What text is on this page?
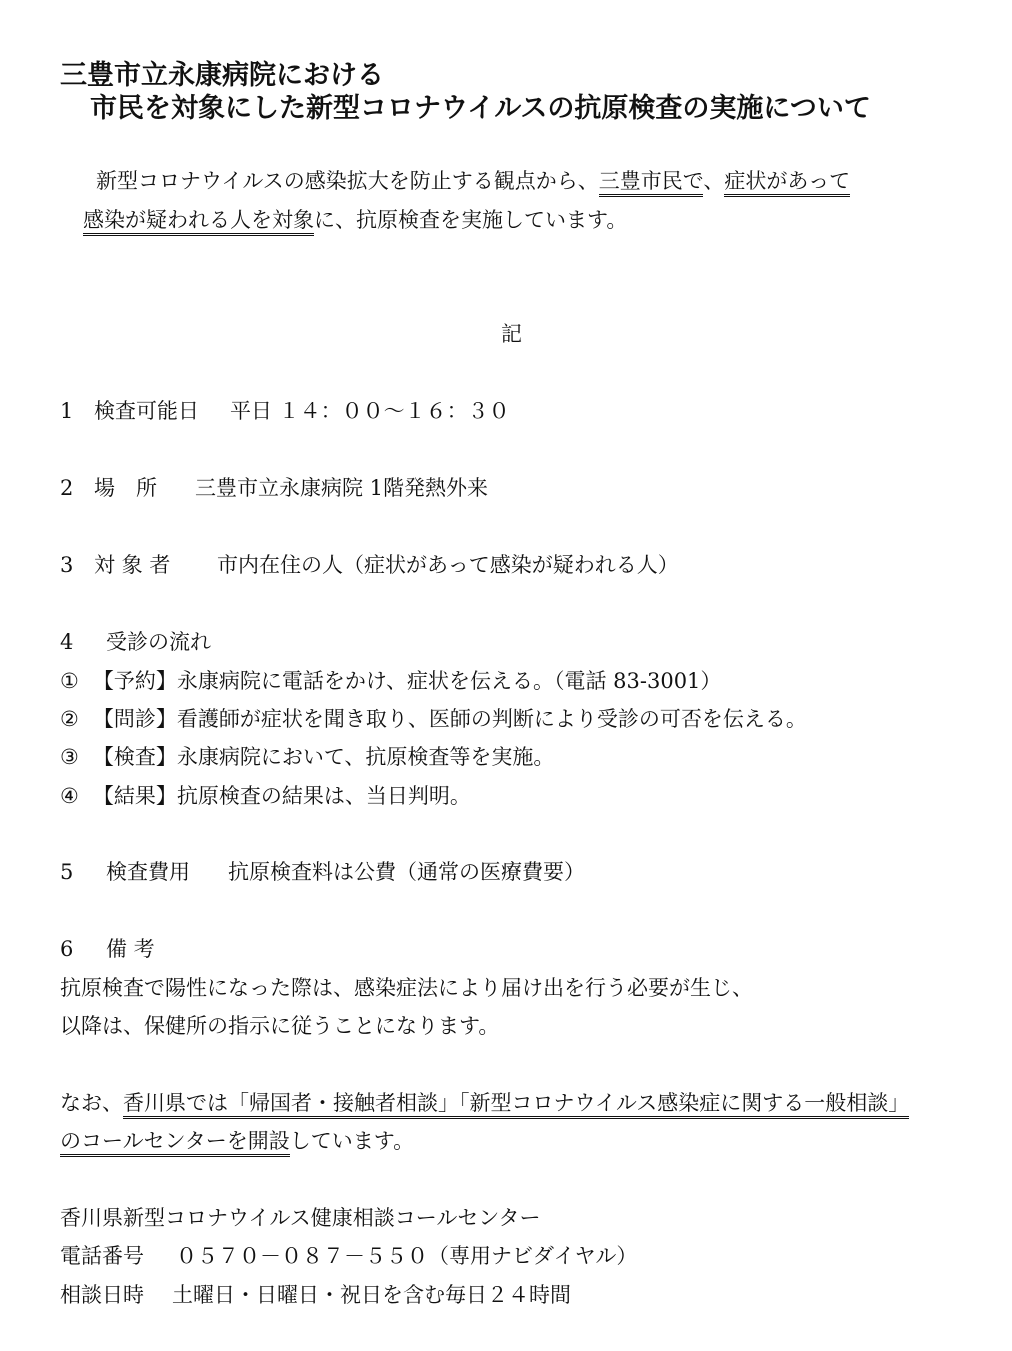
三豊市立永康病院における
市民を対象にした新型コロナウイルスの抗原検査の実施について
新型コロナウイルスの感染拡大を防止する観点から、三豊市民で、症状があって
感染が疑われる人を対象に、抗原検査を実施しています。
記
1 検査可能日 平日 １４：００～１６：３０
2 場　所 三豊市立永康病院 1階発熱外来
3 対 象 者 市内在住の人（症状があって感染が疑われる人）
4 受診の流れ
① 【予約】永康病院に電話をかけ、症状を伝える。（電話 83-3001）
② 【問診】看護師が症状を聞き取り、医師の判断により受診の可否を伝える。
③ 【検査】永康病院において、抗原検査等を実施。
④ 【結果】抗原検査の結果は、当日判明。
5 検査費用 抗原検査料は公費（通常の医療費要）
6 備 考
抗原検査で陽性になった際は、感染症法により届け出を行う必要が生じ、
以降は、保健所の指示に従うことになります。
なお、香川県では「帰国者・接触者相談」「新型コロナウイルス感染症に関する一般相談」
のコールセンターを開設しています。
香川県新型コロナウイルス健康相談コールセンター
電話番号 ０５７０－０８７－５５０（専用ナビダイヤル）
相談日時 土曜日・日曜日・祝日を含む毎日２４時間
